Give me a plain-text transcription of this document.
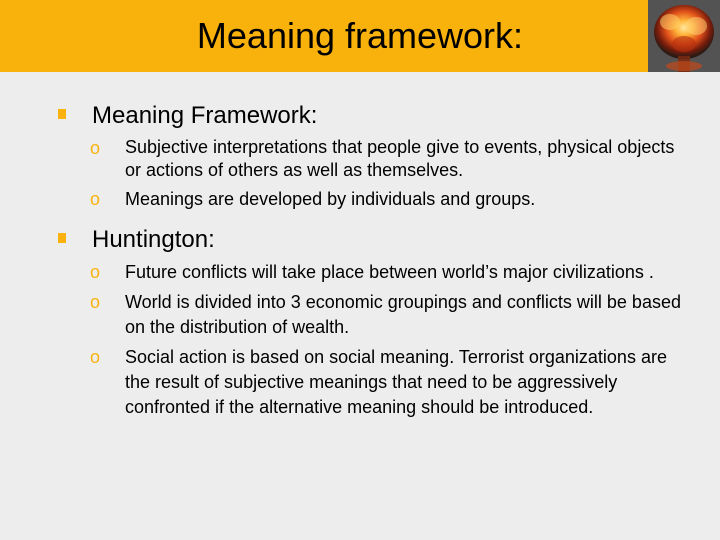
Meaning framework:
Meaning Framework:
o Subjective interpretations that people give to events, physical objects or actions of others as well as themselves.
o Meanings are developed by individuals and groups.
Huntington:
o Future conflicts will take place between world’s major civilizations .
o World is divided into 3 economic groupings and conflicts will be based on the distribution of wealth.
o Social action is based on social meaning. Terrorist organizations are the result of subjective meanings that need to be aggressively confronted if the alternative meaning should be introduced.
